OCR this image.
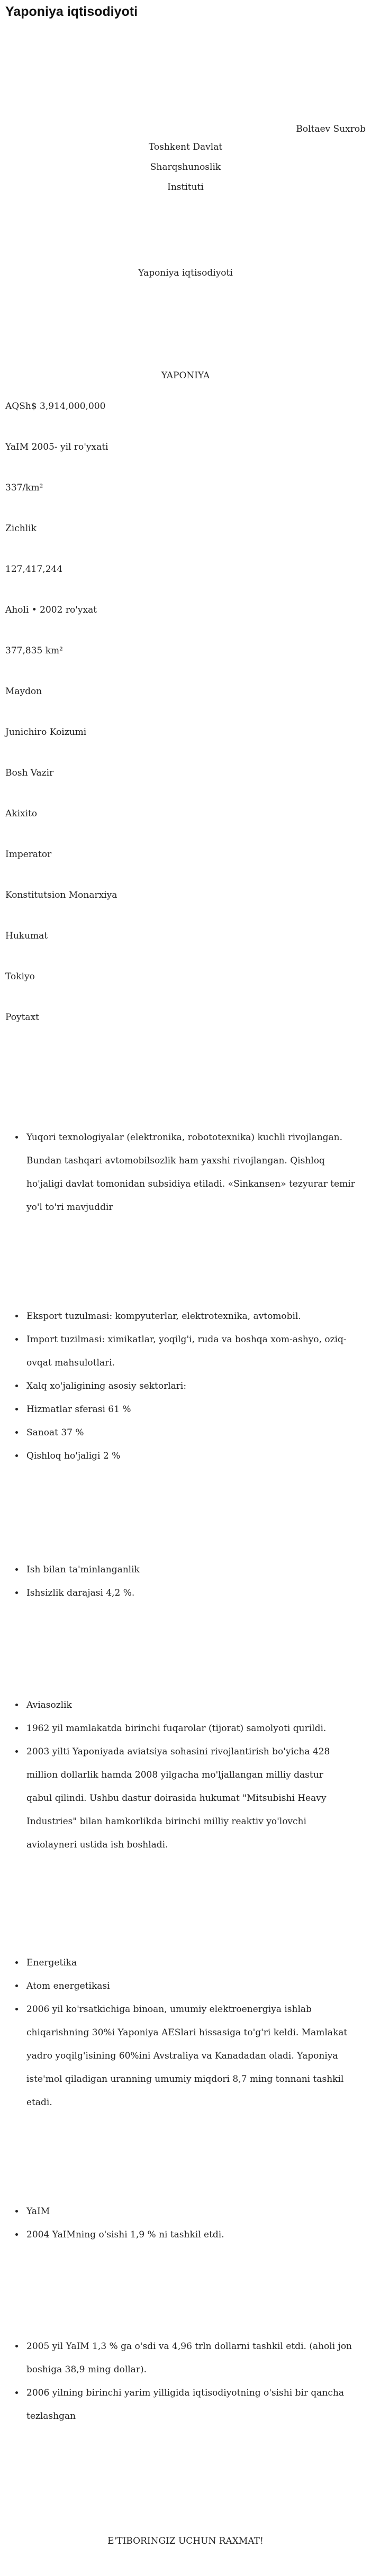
Yaponiya iqtisodiyoti
Boltaev Suxrob
Toshkent Davlat
Sharqshunoslik
Instituti
Yaponiya iqtisodiyoti
YAPONIYA
AQSh$ 3,914,000,000
YaIM 2005- yil ro'yxati
337/km²
Zichlik
127,417,244
Aholi • 2002 ro'yxat
377,835 km²
Maydon
Junichiro Koizumi
Bosh Vazir
Akixito
Imperator
Konstitutsion Monarxiya
Hukumat
Tokiyo
Poytaxt
• Yuqori texnologiyalar (elektronika, robototexnika) kuchli rivojlangan.
Bundan tashqari avtomobilsozlik ham yaxshi rivojlangan. Qishloq
ho'jaligi davlat tomonidan subsidiya etiladi. «Sinkansen» tezyurar temir
yo'l to'ri mavjuddir
• Eksport tuzulmasi: kompyuterlar, elektrotexnika, avtomobil.
• Import tuzilmasi: ximikatlar, yoqilg'i, ruda va boshqa xom-ashyo, oziq-
ovqat mahsulotlari.
• Xalq xo'jaligining asosiy sektorlari:
• Hizmatlar sferasi 61 %
• Sanoat 37 %
• Qishloq ho'jaligi 2 %
• Ish bilan ta'minlanganlik
• Ishsizlik darajasi 4,2 %.
• Aviasozlik
• 1962 yil mamlakatda birinchi fuqarolar (tijorat) samolyoti qurildi.
• 2003 yilti Yaponiyada aviatsiya sohasini rivojlantirish bo'yicha 428
million dollarlik hamda 2008 yilgacha mo'ljallangan milliy dastur
qabul qilindi. Ushbu dastur doirasida hukumat "Mitsubishi Heavy
Industries" bilan hamkorlikda birinchi milliy reaktiv yo'lovchi
aviolayneri ustida ish boshladi.
• Energetika
• Atom energetikasi
• 2006 yil ko'rsatkichiga binoan, umumiy elektroenergiya ishlab
chiqarishning 30%i Yaponiya AESlari hissasiga to'g'ri keldi. Mamlakat
yadro yoqilg'isining 60%ini Avstraliya va Kanadadan oladi. Yaponiya
iste'mol qiladigan uranning umumiy miqdori 8,7 ming tonnani tashkil
etadi.
• YaIM
• 2004 YaIMning o'sishi 1,9 % ni tashkil etdi.
• 2005 yil YaIM 1,3 % ga o'sdi va 4,96 trln dollarni tashkil etdi. (aholi jon
boshiga 38,9 ming dollar).
• 2006 yilning birinchi yarim yilligida iqtisodiyotning o'sishi bir qancha
tezlashgan
E'TIBORINGIZ UCHUN RAXMAT!
